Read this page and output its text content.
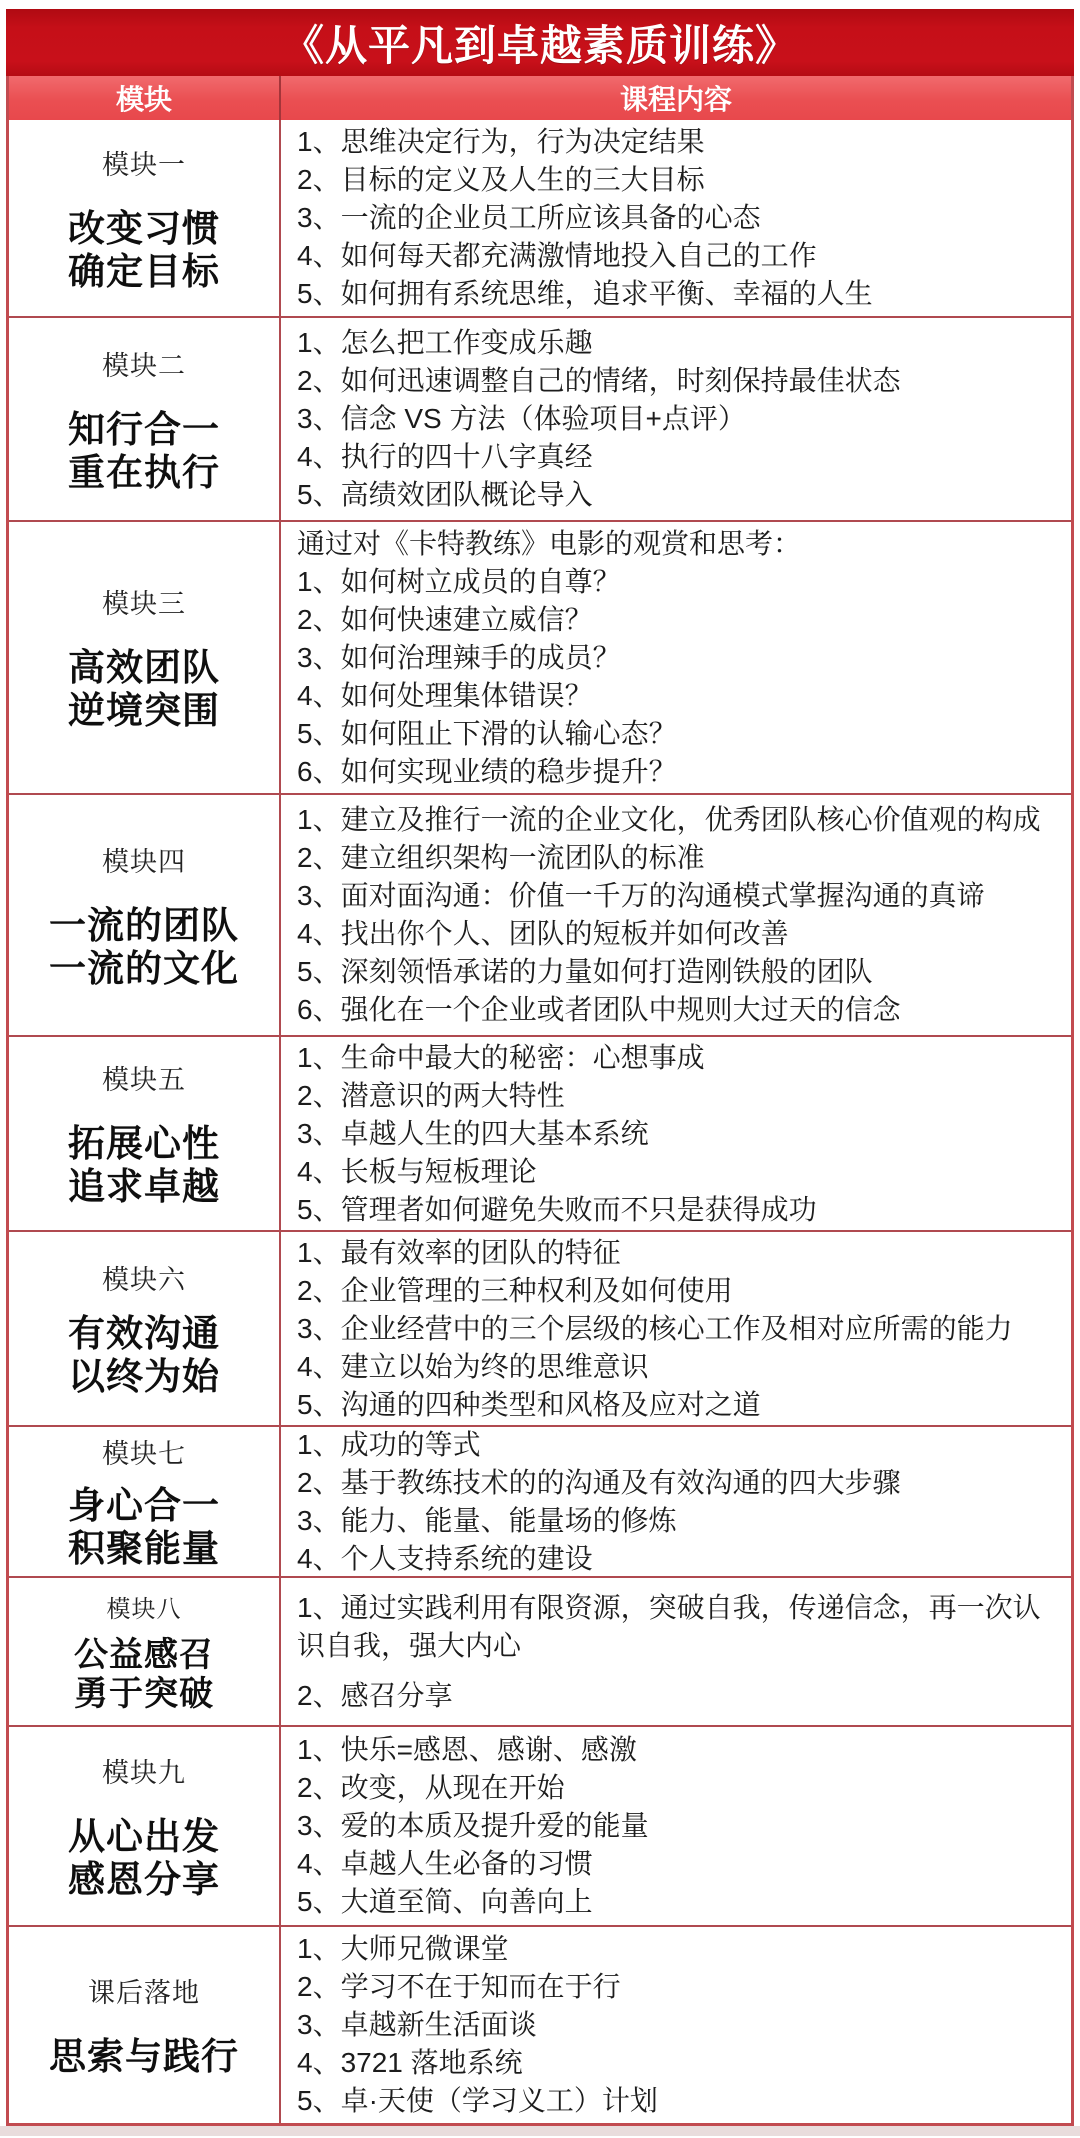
《从平凡到卓越素质训练》
模块	课程内容
模块一
改变习惯
确定目标
1、思维决定行为，行为决定结果
2、目标的定义及人生的三大目标
3、一流的企业员工所应该具备的心态
4、如何每天都充满激情地投入自己的工作
5、如何拥有系统思维，追求平衡、幸福的人生
模块二
知行合一
重在执行
1、怎么把工作变成乐趣
2、如何迅速调整自己的情绪，时刻保持最佳状态
3、信念 VS 方法（体验项目+点评）
4、执行的四十八字真经
5、高绩效团队概论导入
模块三
高效团队
逆境突围
通过对《卡特教练》电影的观赏和思考：
1、如何树立成员的自尊？
2、如何快速建立威信？
3、如何治理辣手的成员？
4、如何处理集体错误？
5、如何阻止下滑的认输心态？
6、如何实现业绩的稳步提升？
模块四
一流的团队
一流的文化
1、建立及推行一流的企业文化，优秀团队核心价值观的构成
2、建立组织架构一流团队的标准
3、面对面沟通：价值一千万的沟通模式掌握沟通的真谛
4、找出你个人、团队的短板并如何改善
5、深刻领悟承诺的力量如何打造刚铁般的团队
6、强化在一个企业或者团队中规则大过天的信念
模块五
拓展心性
追求卓越
1、生命中最大的秘密：心想事成
2、潜意识的两大特性
3、卓越人生的四大基本系统
4、长板与短板理论
5、管理者如何避免失败而不只是获得成功
模块六
有效沟通
以终为始
1、最有效率的团队的特征
2、企业管理的三种权利及如何使用
3、企业经营中的三个层级的核心工作及相对应所需的能力
4、建立以始为终的思维意识
5、沟通的四种类型和风格及应对之道
模块七
身心合一
积聚能量
1、成功的等式
2、基于教练技术的的沟通及有效沟通的四大步骤
3、能力、能量、能量场的修炼
4、个人支持系统的建设
模块八
公益感召
勇于突破
1、通过实践利用有限资源，突破自我，传递信念，再一次认识自我，强大内心
2、感召分享
模块九
从心出发
感恩分享
1、快乐=感恩、感谢、感激
2、改变，从现在开始
3、爱的本质及提升爱的能量
4、卓越人生必备的习惯
5、大道至简、向善向上
课后落地
思索与践行
1、大师兄微课堂
2、学习不在于知而在于行
3、卓越新生活面谈
4、3721 落地系统
5、卓·天使（学习义工）计划
